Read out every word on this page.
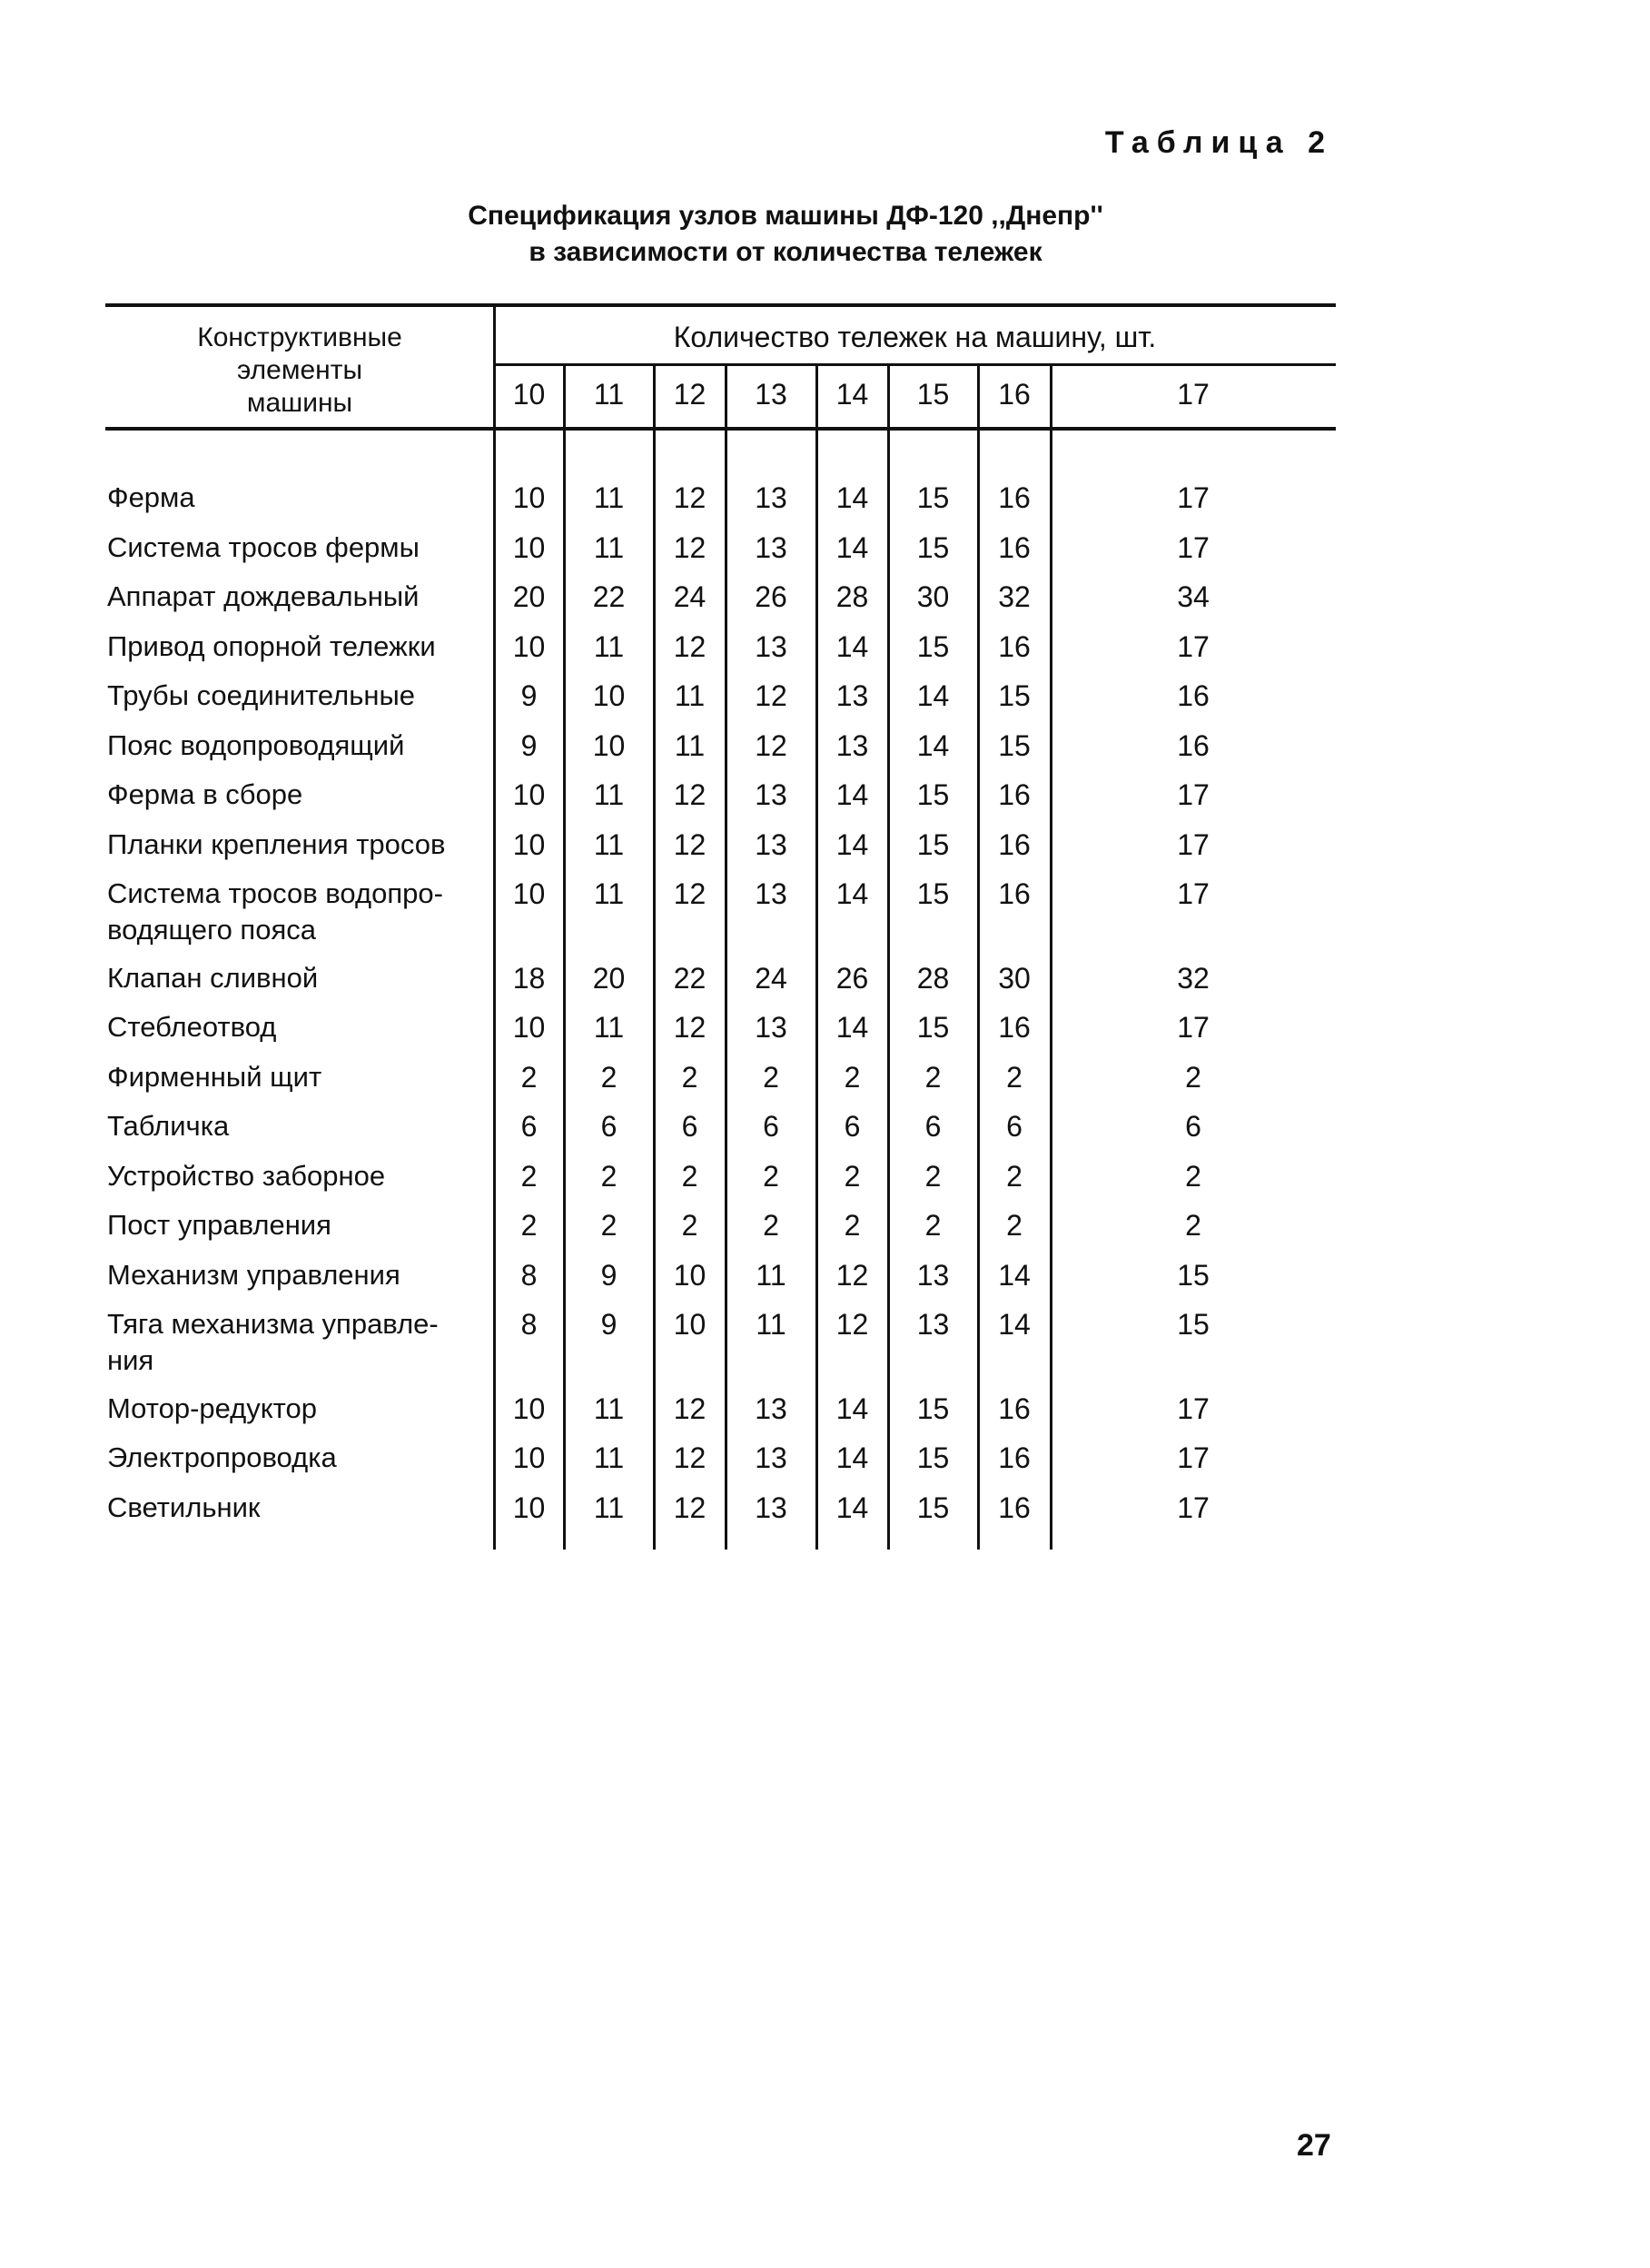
Таблица 2
Спецификация узлов машины ДФ-120 ,,Днепр''
в зависимости от количества тележек
Конструктивные
элементы
машины
Количество тележек на машину, шт.
10	11	12	13	14	15	16	17
Ферма	10	11	12	13	14	15	16	17
Система тросов фермы	10	11	12	13	14	15	16	17
Аппарат дождевальный	20	22	24	26	28	30	32	34
Привод опорной тележки	10	11	12	13	14	15	16	17
Трубы соединительные	9	10	11	12	13	14	15	16
Пояс водопроводящий	9	10	11	12	13	14	15	16
Ферма в сборе	10	11	12	13	14	15	16	17
Планки крепления тросов	10	11	12	13	14	15	16	17
Система тросов водопро-
водящего пояса
10	11	12	13	14	15	16	17
Клапан сливной	18	20	22	24	26	28	30	32
Стеблеотвод	10	11	12	13	14	15	16	17
Фирменный щит	2	2	2	2	2	2	2	2
Табличка	6	6	6	6	6	6	6	6
Устройство заборное	2	2	2	2	2	2	2	2
Пост управления	2	2	2	2	2	2	2	2
Механизм управления	8	9	10	11	12	13	14	15
Тяга механизма управле-
ния
8	9	10	11	12	13	14	15
Мотор-редуктор	10	11	12	13	14	15	16	17
Электропроводка	10	11	12	13	14	15	16	17
Светильник	10	11	12	13	14	15	16	17
27
